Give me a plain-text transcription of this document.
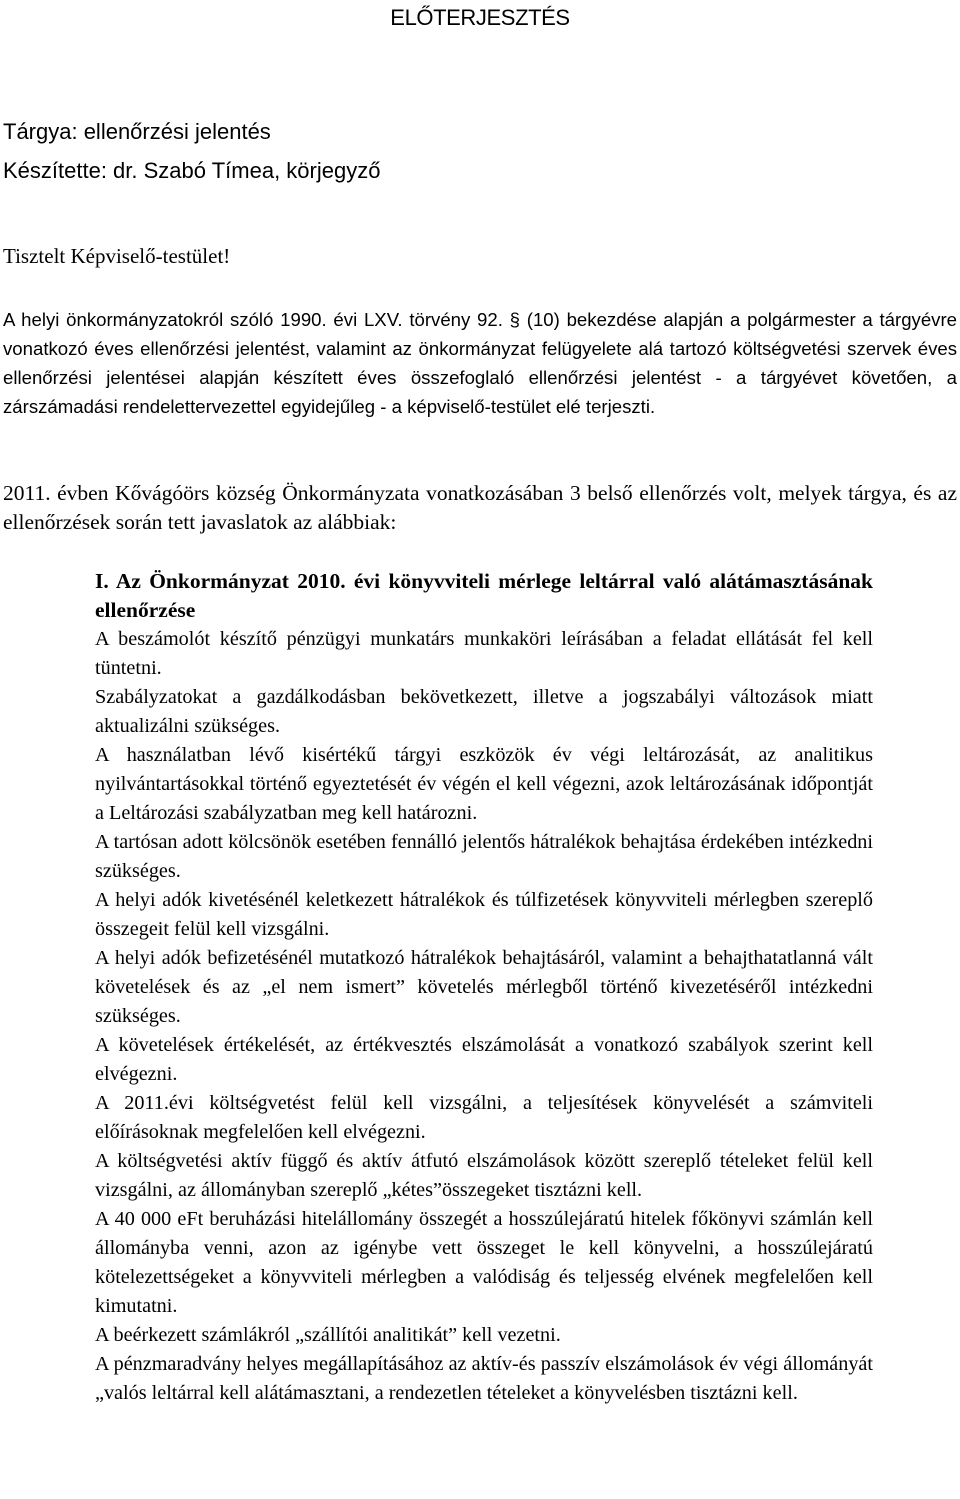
ELŐTERJESZTÉS
Tárgya: ellenőrzési jelentés
Készítette: dr. Szabó Tímea, körjegyző
Tisztelt Képviselő-testület!

A helyi önkormányzatokról szóló 1990. évi LXV. törvény 92. § (10) bekezdése alapján a polgármester a tárgyévre vonatkozó éves ellenőrzési jelentést, valamint az önkormányzat felügyelete alá tartozó költségvetési szervek éves ellenőrzési jelentései alapján készített éves összefoglaló ellenőrzési jelentést - a tárgyévet követően, a zárszámadási rendelettervezettel egyidejűleg - a képviselő-testület elé terjeszti.

2011. évben Kővágóörs község Önkormányzata vonatkozásában 3 belső ellenőrzés volt, melyek tárgya, és az ellenőrzések során tett javaslatok az alábbiak:

I. Az Önkormányzat 2010. évi könyvviteli mérlege leltárral való alátámasztásának ellenőrzése

A beszámolót készítő pénzügyi munkatárs munkaköri leírásában a feladat ellátását fel kell tüntetni.

Szabályzatokat a gazdálkodásban bekövetkezett, illetve a jogszabályi változások miatt aktualizálni szükséges.

A használatban lévő kisértékű tárgyi eszközök év végi leltározását, az analitikus nyilvántartásokkal történő egyeztetését év végén el kell végezni, azok leltározásának időpontját a Leltározási szabályzatban meg kell határozni.

A tartósan adott kölcsönök esetében fennálló jelentős hátralékok behajtása érdekében intézkedni szükséges.

A helyi adók kivetésénél keletkezett hátralékok és túlfizetések könyvviteli mérlegben szereplő összegeit felül kell vizsgálni.

A helyi adók befizetésénél mutatkozó hátralékok behajtásáról, valamint a behajthatatlanná vált követelések és az „el nem ismert” követelés mérlegből történő kivezetéséről intézkedni szükséges.

A követelések értékelését, az értékvesztés elszámolását a vonatkozó szabályok szerint kell elvégezni.

A 2011.évi költségvetést felül kell vizsgálni, a teljesítések könyvelését a számviteli előírásoknak megfelelően kell elvégezni.

A költségvetési aktív függő és aktív átfutó elszámolások között szereplő tételeket felül kell vizsgálni, az állományban szereplő „kétes”összegeket tisztázni kell.

A 40 000 eFt beruházási hitelállomány összegét a hosszúlejáratú hitelek főkönyvi számlán kell állományba venni, azon az igénybe vett összeget le kell könyvelni, a hosszúlejáratú kötelezettségeket a könyvviteli mérlegben a valódiság és teljesség elvének megfelelően kell kimutatni.

A beérkezett számlákról „szállítói analitikát” kell vezetni.

A pénzmaradvány helyes megállapításához az aktív-és passzív elszámolások év végi állományát „valós leltárral kell alátámasztani, a rendezetlen tételeket a könyvelésben tisztázni kell.
